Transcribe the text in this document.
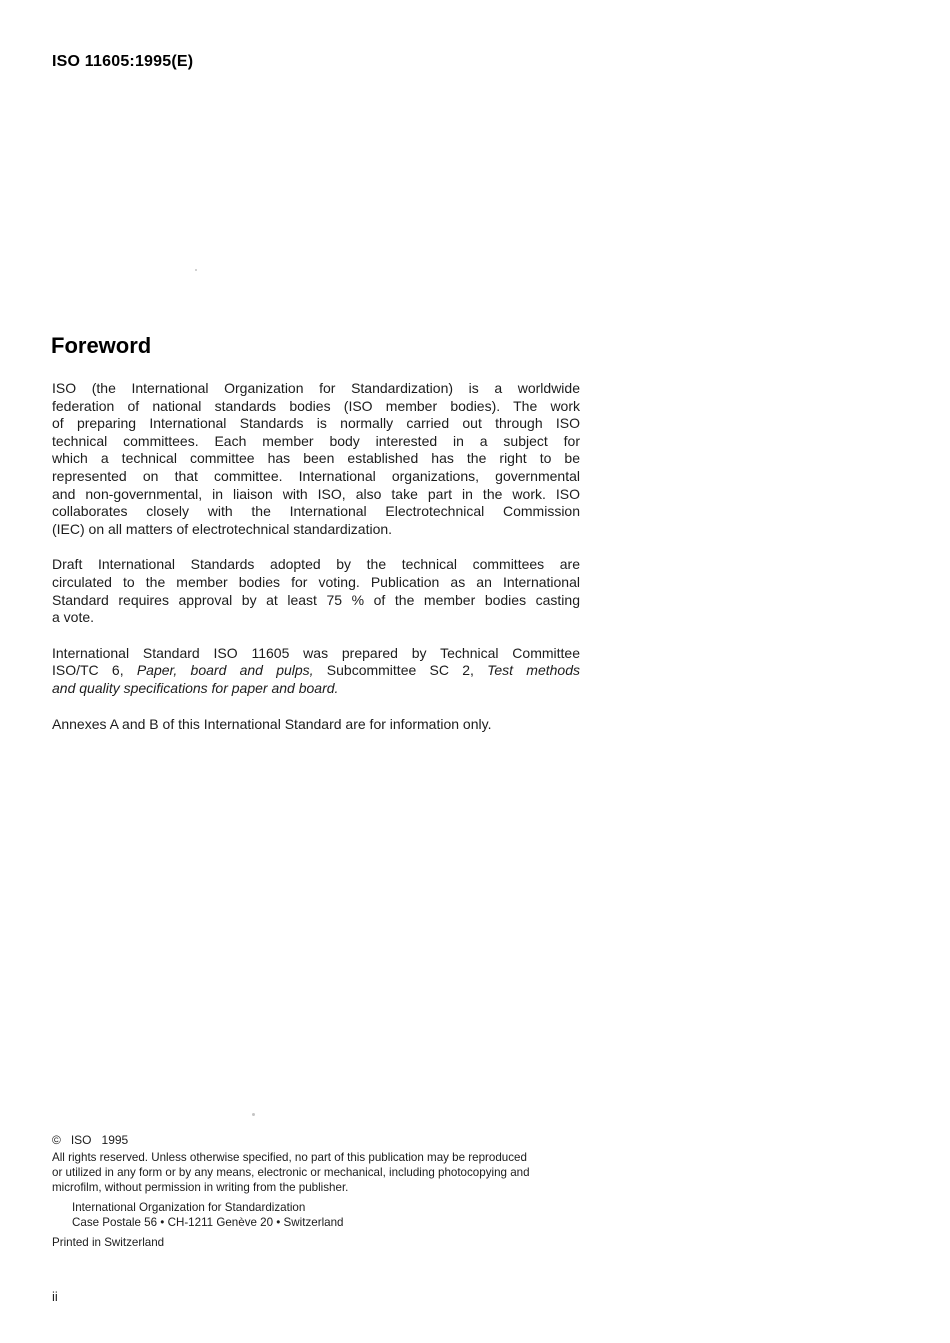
ISO 11605:1995(E)
Foreword
ISO (the International Organization for Standardization) is a worldwide
federation of national standards bodies (ISO member bodies). The work
of preparing International Standards is normally carried out through ISO
technical committees. Each member body interested in a subject for
which a technical committee has been established has the right to be
represented on that committee. International organizations, governmental
and non-governmental, in liaison with ISO, also take part in the work. ISO
collaborates closely with the International Electrotechnical Commission
(IEC) on all matters of electrotechnical standardization.
Draft International Standards adopted by the technical committees are
circulated to the member bodies for voting. Publication as an International
Standard requires approval by at least 75 % of the member bodies casting
a vote.
International Standard ISO 11605 was prepared by Technical Committee
ISO/TC 6, Paper, board and pulps, Subcommittee SC 2, Test methods
and quality specifications for paper and board.
Annexes A and B of this International Standard are for information only.
©   ISO   1995
All rights reserved. Unless otherwise specified, no part of this publication may be reproduced
or utilized in any form or by any means, electronic or mechanical, including photocopying and
microfilm, without permission in writing from the publisher.
International Organization for Standardization
Case Postale 56 • CH-1211 Genève 20 • Switzerland
Printed in Switzerland
ii
